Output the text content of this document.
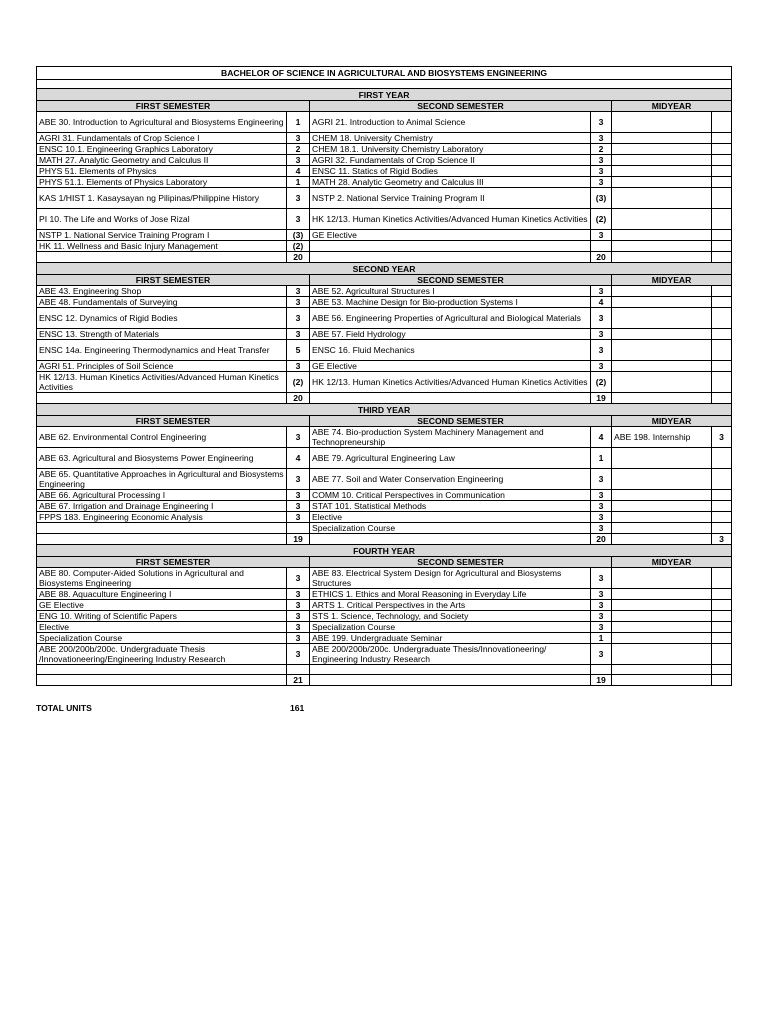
BACHELOR OF SCIENCE IN AGRICULTURAL AND BIOSYSTEMS ENGINEERING					

FIRST YEAR					
FIRST SEMESTER		SECOND SEMESTER		MIDYEAR	
ABE 30. Introduction to Agricultural and Biosystems Engineering	1	AGRI 21. Introduction to Animal Science	3		
AGRI 31. Fundamentals of Crop Science I	3	CHEM 18. University Chemistry	3		
ENSC 10.1. Engineering Graphics Laboratory	2	CHEM 18.1. University Chemistry Laboratory	2		
MATH 27. Analytic Geometry and Calculus II	3	AGRI 32. Fundamentals of Crop Science II	3		
PHYS 51. Elements of Physics	4	ENSC 11. Statics of Rigid Bodies	3		
PHYS 51.1. Elements of Physics Laboratory	1	MATH 28. Analytic Geometry and Calculus III	3		
KAS 1/HIST 1. Kasaysayan ng Pilipinas/Philippine History	3	NSTP 2. National Service Training Program II	(3)		
PI 10. The Life and Works of Jose Rizal	3	HK 12/13. Human Kinetics Activities/Advanced Human Kinetics Activities	(2)		
NSTP 1. National Service Training Program I	(3)	GE Elective	3		
HK 11. Wellness and Basic Injury Management	(2)				
	20		20		
SECOND YEAR					
FIRST SEMESTER		SECOND SEMESTER		MIDYEAR	
ABE 43. Engineering Shop	3	ABE 52. Agricultural Structures I	3		
ABE 48. Fundamentals of Surveying	3	ABE 53. Machine Design for Bio-production Systems I	4		
ENSC 12. Dynamics of Rigid Bodies	3	ABE 56. Engineering Properties of Agricultural and Biological Materials	3		
ENSC 13. Strength of Materials	3	ABE 57. Field Hydrology	3		
ENSC 14a. Engineering Thermodynamics and Heat Transfer	5	ENSC 16. Fluid Mechanics	3		
AGRI 51. Principles of Soil Science	3	GE Elective	3		
HK 12/13. Human Kinetics Activities/Advanced Human Kinetics Activities	(2)	HK 12/13. Human Kinetics Activities/Advanced Human Kinetics Activities	(2)		
	20		19		
THIRD YEAR					
FIRST SEMESTER		SECOND SEMESTER		MIDYEAR	
ABE 62. Environmental Control Engineering	3	ABE 74. Bio-production System Machinery Management and Technopreneurship	4	ABE 198. Internship	3
ABE 63. Agricultural and Biosystems Power Engineering	4	ABE 79. Agricultural Engineering Law	1		
ABE 65. Quantitative Approaches in Agricultural and Biosystems Engineering	3	ABE 77. Soil and Water Conservation Engineering	3		
ABE 66. Agricultural Processing I	3	COMM 10. Critical Perspectives in Communication	3		
ABE 67. Irrigation and Drainage Engineering I	3	STAT 101. Statistical Methods	3		
FPPS 183. Engineering Economic Analysis	3	Elective	3		
		Specialization Course	3		
	19		20		3
FOURTH YEAR					
FIRST SEMESTER		SECOND SEMESTER		MIDYEAR	
ABE 80. Computer-Aided Solutions in Agricultural and Biosystems Engineering	3	ABE 83. Electrical System Design for Agricultural and Biosystems Structures	3		
ABE 88. Aquaculture Engineering I	3	ETHICS 1. Ethics and Moral Reasoning in Everyday Life	3		
GE Elective	3	ARTS 1. Critical Perspectives in the Arts	3		
ENG 10. Writing of Scientific Papers	3	STS 1. Science, Technology, and Society	3		
Elective	3	Specialization Course	3		
Specialization Course	3	ABE 199. Undergraduate Seminar	1		
ABE 200/200b/200c. Undergraduate Thesis /Innovationeering/Engineering Industry Research	3	ABE 200/200b/200c. Undergraduate Thesis/Innovationeering/ Engineering Industry Research	3		

	21		19		
TOTAL UNITS	161
